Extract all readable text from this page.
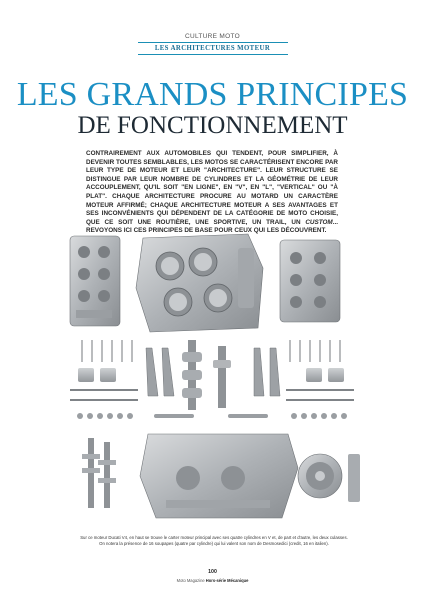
CULTURE MOTO
LES ARCHITECTURES MOTEUR
LES GRANDS PRINCIPES
DE FONCTIONNEMENT

CONTRAIREMENT AUX AUTOMOBILES QUI TENDENT, POUR SIMPLIFIER, À DEVENIR TOUTES SEMBLABLES, LES MOTOS SE CARACTÉRISENT ENCORE PAR LEUR TYPE DE MOTEUR ET LEUR "ARCHITECTURE". LEUR STRUCTURE SE DISTINGUE PAR LEUR NOMBRE DE CYLINDRES ET LA GÉOMÉTRIE DE LEUR ACCOUPLEMENT, QU'IL SOIT "EN LIGNE", EN "V", EN "L", "VERTICAL" OU "À PLAT". CHAQUE ARCHITECTURE PROCURE AU MOTARD UN CARACTÈRE MOTEUR AFFIRMÉ; CHAQUE ARCHITECTURE MOTEUR A SES AVANTAGES ET SES INCONVÉNIENTS QUI DÉPENDENT DE LA CATÉGORIE DE MOTO CHOISIE, QUE CE SOIT UNE ROUTIÈRE, UNE SPORTIVE, UN TRAIL, UN CUSTOM... REVOYONS ICI CES PRINCIPES DE BASE POUR CEUX QUI LES DÉCOUVRENT.

Sur ce moteur Ducati V4, en haut se trouve le carter moteur principal avec ses quatre cylindres en V et, de part et d'autre, les deux culasses.
On notera la présence de 16 soupapes (quatre par cylindre) qui lui valent son nom de Desmosedici (credit, 16 en italien).
100
Moto Magazine Hors-série Mécanique
